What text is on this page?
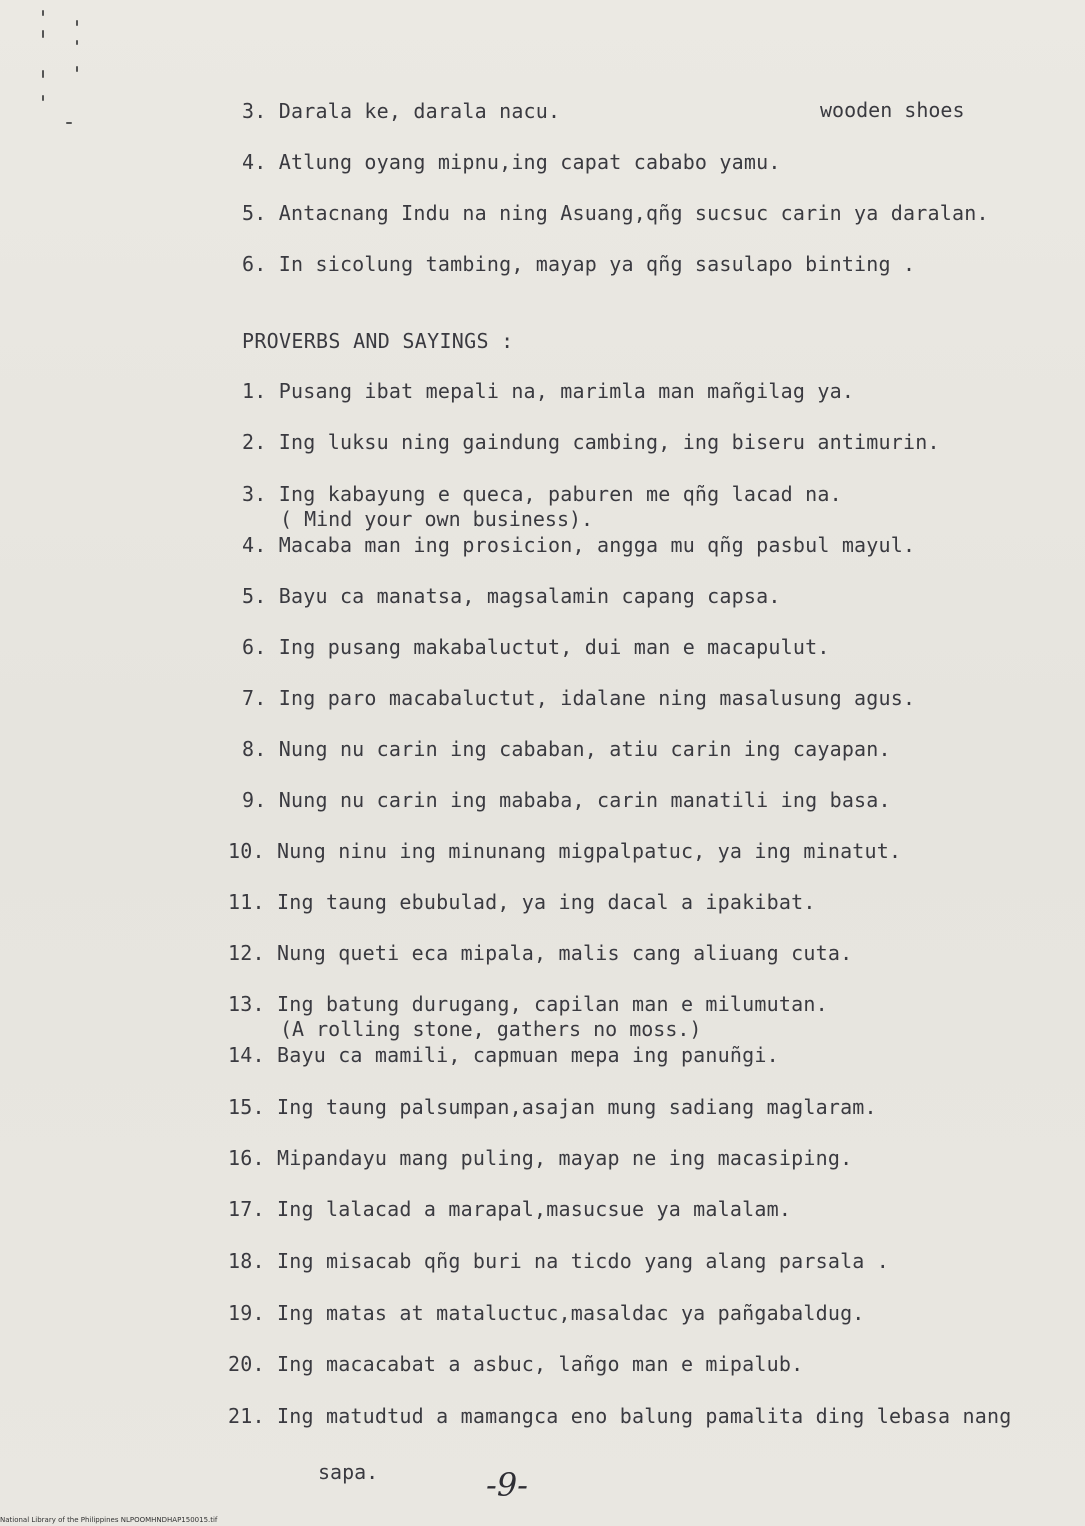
3. Darala ke, darala nacu.	wooden shoes
4. Atlung oyang mipnu,ing capat cababo yamu.
5. Antacnang Indu na ning Asuang,qñg sucsuc carin ya daralan.
6. In sicolung tambing, mayap ya qñg sasulapo binting .
PROVERBS AND SAYINGS :
1. Pusang ibat mepali na, marimla man mañgilag ya.
2. Ing luksu ning gaindung cambing, ing biseru antimurin.
3. Ing kabayung e queca, paburen me qñg lacad na.
( Mind your own business).
4. Macaba man ing prosicion, angga mu qñg pasbul mayul.
5. Bayu ca manatsa, magsalamin capang capsa.
6. Ing pusang makabaluctut, dui man e macapulut.
7. Ing paro macabaluctut, idalane ning masalusung agus.
8. Nung nu carin ing cababan, atiu carin ing cayapan.
9. Nung nu carin ing mababa, carin manatili ing basa.
10. Nung ninu ing minunang migpalpatuc, ya ing minatut.
11. Ing taung ebubulad, ya ing dacal a ipakibat.
12. Nung queti eca mipala, malis cang aliuang cuta.
13. Ing batung durugang, capilan man e milumutan.
(A rolling stone, gathers no moss.)
14. Bayu ca mamili, capmuan mepa ing panuñgi.
15. Ing taung palsumpan,asajan mung sadiang maglaram.
16. Mipandayu mang puling, mayap ne ing macasiping.
17. Ing lalacad a marapal,masucsue ya malalam.
18. Ing misacab qñg buri na ticdo yang alang parsala .
19. Ing matas at mataluctuc,masaldac ya pañgabaldug.
20. Ing macacabat a asbuc, lañgo man e mipalub.
21. Ing matudtud a mamangca eno balung pamalita ding lebasa nang
sapa.	-9-
National Library of the Philippines NLPOOMHNDHAP150015.tif
